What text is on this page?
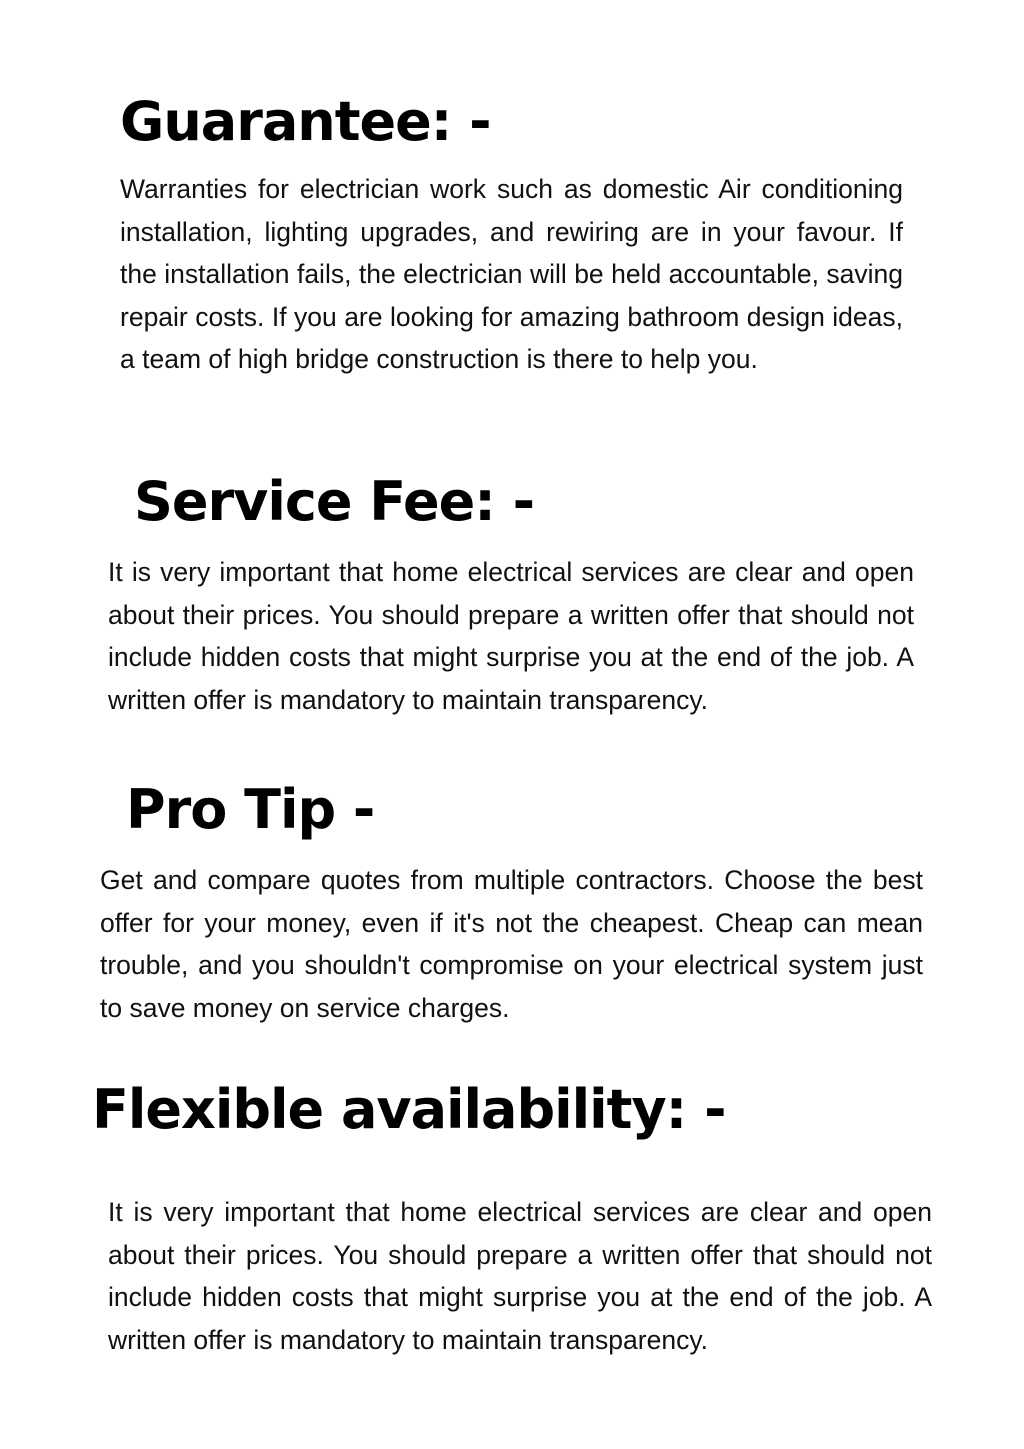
Guarantee: -

Warranties for electrician work such as domestic Air conditioning installation, lighting upgrades, and rewiring are in your favour. If the installation fails, the electrician will be held accountable, saving repair costs. If you are looking for amazing bathroom design ideas, a team of high bridge construction is there to help you.

Service Fee: -

It is very important that home electrical services are clear and open about their prices. You should prepare a written offer that should not include hidden costs that might surprise you at the end of the job. A written offer is mandatory to maintain transparency.

Pro Tip -

Get and compare quotes from multiple contractors. Choose the best offer for your money, even if it's not the cheapest. Cheap can mean trouble, and you shouldn't compromise on your electrical system just to save money on service charges.

Flexible availability: -

It is very important that home electrical services are clear and open about their prices. You should prepare a written offer that should not include hidden costs that might surprise you at the end of the job. A written offer is mandatory to maintain transparency.
